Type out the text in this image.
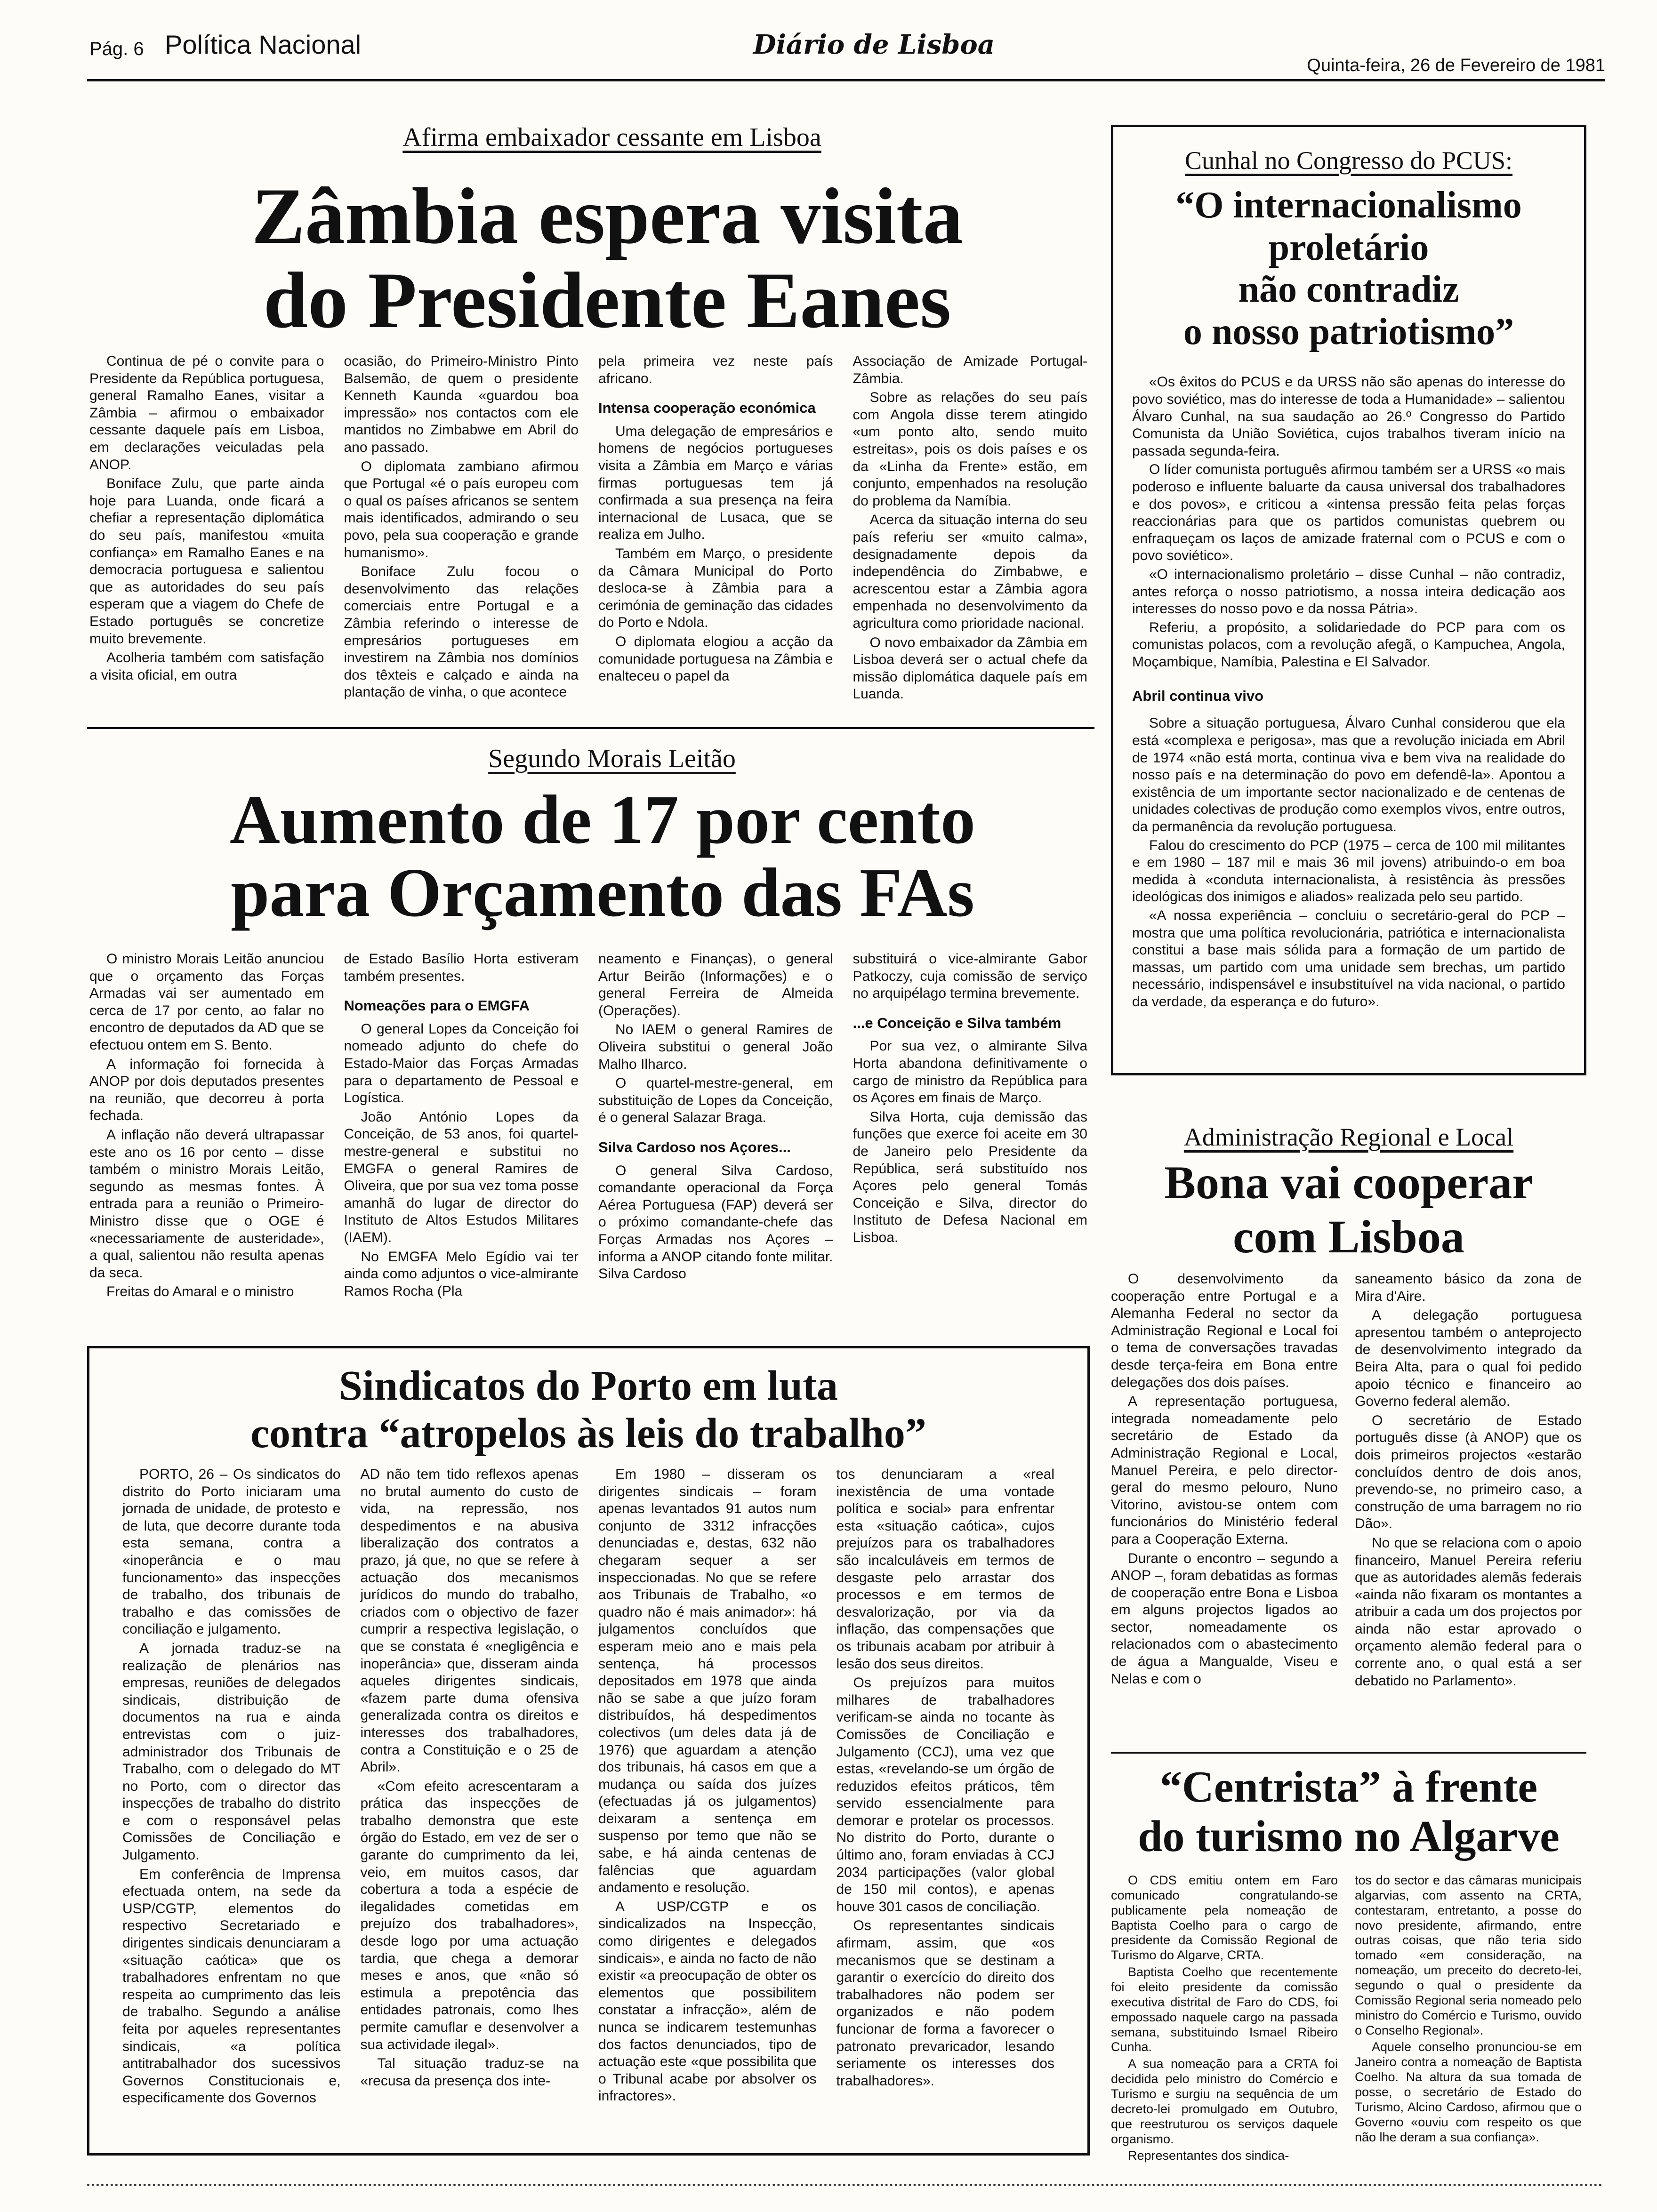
Pág. 6 Política Nacional	Diário de Lisboa
Quinta-feira, 26 de Fevereiro de 1981
Afirma embaixador cessante em Lisboa
Zâmbia espera visita
do Presidente Eanes

Continua de pé o convite para o Presidente da República portuguesa, general Ramalho Eanes, visitar a Zâmbia – afirmou o embaixador cessante daquele país em Lisboa, em declarações veiculadas pela ANOP.

Boniface Zulu, que parte ainda hoje para Luanda, onde ficará a chefiar a representação diplomática do seu país, manifestou «muita confiança» em Ramalho Eanes e na democracia portuguesa e salientou que as autoridades do seu país esperam que a viagem do Chefe de Estado português se concretize muito brevemente.

Acolheria também com satisfação a visita oficial, em outra

ocasião, do Primeiro-Ministro Pinto Balsemão, de quem o presidente Kenneth Kaunda «guardou boa impressão» nos contactos com ele mantidos no Zimbabwe em Abril do ano passado.

O diplomata zambiano afirmou que Portugal «é o país europeu com o qual os países africanos se sentem mais identificados, admirando o seu povo, pela sua cooperação e grande humanismo».

Boniface Zulu focou o desenvolvimento das relações comerciais entre Portugal e a Zâmbia referindo o interesse de empresários portugueses em investirem na Zâmbia nos domínios dos têxteis e calçado e ainda na plantação de vinha, o que acontece

pela primeira vez neste país africano.

Intensa cooperação económica

Uma delegação de empresários e homens de negócios portugueses visita a Zâmbia em Março e várias firmas portuguesas tem já confirmada a sua presença na feira internacional de Lusaca, que se realiza em Julho.

Também em Março, o presidente da Câmara Municipal do Porto desloca-se à Zâmbia para a cerimónia de geminação das cidades do Porto e Ndola.

O diplomata elogiou a acção da comunidade portuguesa na Zâmbia e enalteceu o papel da

Associação de Amizade Portugal-Zâmbia.

Sobre as relações do seu país com Angola disse terem atingido «um ponto alto, sendo muito estreitas», pois os dois países e os da «Linha da Frente» estão, em conjunto, empenhados na resolução do problema da Namíbia.

Acerca da situação interna do seu país referiu ser «muito calma», designadamente depois da independência do Zimbabwe, e acrescentou estar a Zâmbia agora empenhada no desenvolvimento da agricultura como prioridade nacional.

O novo embaixador da Zâmbia em Lisboa deverá ser o actual chefe da missão diplomática daquele país em Luanda.

Cunhal no Congresso do PCUS:
“O internacionalismo
proletário
não contradiz
o nosso patriotismo”

«Os êxitos do PCUS e da URSS não são apenas do interesse do povo soviético, mas do interesse de toda a Humanidade» – salientou Álvaro Cunhal, na sua saudação ao 26.º Congresso do Partido Comunista da União Soviética, cujos trabalhos tiveram início na passada segunda-feira.

O líder comunista português afirmou também ser a URSS «o mais poderoso e influente baluarte da causa universal dos trabalhadores e dos povos», e criticou a «intensa pressão feita pelas forças reaccionárias para que os partidos comunistas quebrem ou enfraqueçam os laços de amizade fraternal com o PCUS e com o povo soviético».

«O internacionalismo proletário – disse Cunhal – não contradiz, antes reforça o nosso patriotismo, a nossa inteira dedicação aos interesses do nosso povo e da nossa Pátria».

Referiu, a propósito, a solidariedade do PCP para com os comunistas polacos, com a revolução afegã, o Kampuchea, Angola, Moçambique, Namíbia, Palestina e El Salvador.

Abril continua vivo

Sobre a situação portuguesa, Álvaro Cunhal considerou que ela está «complexa e perigosa», mas que a revolução iniciada em Abril de 1974 «não está morta, continua viva e bem viva na realidade do nosso país e na determinação do povo em defendê-la». Apontou a existência de um importante sector nacionalizado e de centenas de unidades colectivas de produção como exemplos vivos, entre outros, da permanência da revolução portuguesa.

Falou do crescimento do PCP (1975 – cerca de 100 mil militantes e em 1980 – 187 mil e mais 36 mil jovens) atribuindo-o em boa medida à «conduta internacionalista, à resistência às pressões ideológicas dos inimigos e aliados» realizada pelo seu partido.

«A nossa experiência – concluiu o secretário-geral do PCP – mostra que uma política revolucionária, patriótica e internacionalista constitui a base mais sólida para a formação de um partido de massas, um partido com uma unidade sem brechas, um partido necessário, indispensável e insubstituível na vida nacional, o partido da verdade, da esperança e do futuro».

Segundo Morais Leitão
Aumento de 17 por cento
para Orçamento das FAs

O ministro Morais Leitão anunciou que o orçamento das Forças Armadas vai ser aumentado em cerca de 17 por cento, ao falar no encontro de deputados da AD que se efectuou ontem em S. Bento.

A informação foi fornecida à ANOP por dois deputados presentes na reunião, que decorreu à porta fechada.

A inflação não deverá ultrapassar este ano os 16 por cento – disse também o ministro Morais Leitão, segundo as mesmas fontes. À entrada para a reunião o Primeiro-Ministro disse que o OGE é «necessariamente de austeridade», a qual, salientou não resulta apenas da seca.

Freitas do Amaral e o ministro

de Estado Basílio Horta estiveram também presentes.

Nomeações para o EMGFA

O general Lopes da Conceição foi nomeado adjunto do chefe do Estado-Maior das Forças Armadas para o departamento de Pessoal e Logística.

João António Lopes da Conceição, de 53 anos, foi quartel-mestre-general e substitui no EMGFA o general Ramires de Oliveira, que por sua vez toma posse amanhã do lugar de director do Instituto de Altos Estudos Militares (IAEM).

No EMGFA Melo Egídio vai ter ainda como adjuntos o vice-almirante Ramos Rocha (Pla

neamento e Finanças), o general Artur Beirão (Informações) e o general Ferreira de Almeida (Operações).

No IAEM o general Ramires de Oliveira substitui o general João Malho Ilharco.

O quartel-mestre-general, em substituição de Lopes da Conceição, é o general Salazar Braga.

Silva Cardoso nos Açores...

O general Silva Cardoso, comandante operacional da Força Aérea Portuguesa (FAP) deverá ser o próximo comandante-chefe das Forças Armadas nos Açores – informa a ANOP citando fonte militar. Silva Cardoso

substituirá o vice-almirante Gabor Patkoczy, cuja comissão de serviço no arquipélago termina brevemente.

...e Conceição e Silva também

Por sua vez, o almirante Silva Horta abandona definitivamente o cargo de ministro da República para os Açores em finais de Março.

Silva Horta, cuja demissão das funções que exerce foi aceite em 30 de Janeiro pelo Presidente da República, será substituído nos Açores pelo general Tomás Conceição e Silva, director do Instituto de Defesa Nacional em Lisboa.

Administração Regional e Local
Bona vai cooperar
com Lisboa

O desenvolvimento da cooperação entre Portugal e a Alemanha Federal no sector da Administração Regional e Local foi o tema de conversações travadas desde terça-feira em Bona entre delegações dos dois países.

A representação portuguesa, integrada nomeadamente pelo secretário de Estado da Administração Regional e Local, Manuel Pereira, e pelo director-geral do mesmo pelouro, Nuno Vitorino, avistou-se ontem com funcionários do Ministério federal para a Cooperação Externa.

Durante o encontro – segundo a ANOP –, foram debatidas as formas de cooperação entre Bona e Lisboa em alguns projectos ligados ao sector, nomeadamente os relacionados com o abastecimento de água a Mangualde, Viseu e Nelas e com o

saneamento básico da zona de Mira d'Aire.

A delegação portuguesa apresentou também o anteprojecto de desenvolvimento integrado da Beira Alta, para o qual foi pedido apoio técnico e financeiro ao Governo federal alemão.

O secretário de Estado português disse (à ANOP) que os dois primeiros projectos «estarão concluídos dentro de dois anos, prevendo-se, no primeiro caso, a construção de uma barragem no rio Dão».

No que se relaciona com o apoio financeiro, Manuel Pereira referiu que as autoridades alemãs federais «ainda não fixaram os montantes a atribuir a cada um dos projectos por ainda não estar aprovado o orçamento alemão federal para o corrente ano, o qual está a ser debatido no Parlamento».

Sindicatos do Porto em luta
contra “atropelos às leis do trabalho”

PORTO, 26 – Os sindicatos do distrito do Porto iniciaram uma jornada de unidade, de protesto e de luta, que decorre durante toda esta semana, contra a «inoperância e o mau funcionamento» das inspecções de trabalho, dos tribunais de trabalho e das comissões de conciliação e julgamento.

A jornada traduz-se na realização de plenários nas empresas, reuniões de delegados sindicais, distribuição de documentos na rua e ainda entrevistas com o juiz-administrador dos Tribunais de Trabalho, com o delegado do MT no Porto, com o director das inspecções de trabalho do distrito e com o responsável pelas Comissões de Conciliação e Julgamento.

Em conferência de Imprensa efectuada ontem, na sede da USP/CGTP, elementos do respectivo Secretariado e dirigentes sindicais denunciaram a «situação caótica» que os trabalhadores enfrentam no que respeita ao cumprimento das leis de trabalho. Segundo a análise feita por aqueles representantes sindicais, «a política antitrabalhador dos sucessivos Governos Constitucionais e, especificamente dos Governos

AD não tem tido reflexos apenas no brutal aumento do custo de vida, na repressão, nos despedimentos e na abusiva liberalização dos contratos a prazo, já que, no que se refere à actuação dos mecanismos jurídicos do mundo do trabalho, criados com o objectivo de fazer cumprir a respectiva legislação, o que se constata é «negligência e inoperância» que, disseram ainda aqueles dirigentes sindicais, «fazem parte duma ofensiva generalizada contra os direitos e interesses dos trabalhadores, contra a Constituição e o 25 de Abril».

«Com efeito acrescentaram a prática das inspecções de trabalho demonstra que este órgão do Estado, em vez de ser o garante do cumprimento da lei, veio, em muitos casos, dar cobertura a toda a espécie de ilegalidades cometidas em prejuízo dos trabalhadores», desde logo por uma actuação tardia, que chega a demorar meses e anos, que «não só estimula a prepotência das entidades patronais, como lhes permite camuflar e desenvolver a sua actividade ilegal».

Tal situação traduz-se na «recusa da presença dos inte-

Em 1980 – disseram os dirigentes sindicais – foram apenas levantados 91 autos num conjunto de 3312 infracções denunciadas e, destas, 632 não chegaram sequer a ser inspeccionadas. No que se refere aos Tribunais de Trabalho, «o quadro não é mais animador»: há julgamentos concluídos que esperam meio ano e mais pela sentença, há processos depositados em 1978 que ainda não se sabe a que juízo foram distribuídos, há despedimentos colectivos (um deles data já de 1976) que aguardam a atenção dos tribunais, há casos em que a mudança ou saída dos juízes (efectuadas já os julgamentos) deixaram a sentença em suspenso por temo que não se sabe, e há ainda centenas de falências que aguardam andamento e resolução.

A USP/CGTP e os sindicalizados na Inspecção, como dirigentes e delegados sindicais», e ainda no facto de não existir «a preocupação de obter os elementos que possibilitem constatar a infracção», além de nunca se indicarem testemunhas dos factos denunciados, tipo de actuação este «que possibilita que o Tribunal acabe por absolver os infractores».

tos denunciaram a «real inexistência de uma vontade política e social» para enfrentar esta «situação caótica», cujos prejuízos para os trabalhadores são incalculáveis em termos de desgaste pelo arrastar dos processos e em termos de desvalorização, por via da inflação, das compensações que os tribunais acabam por atribuir à lesão dos seus direitos.

Os prejuízos para muitos milhares de trabalhadores verificam-se ainda no tocante às Comissões de Conciliação e Julgamento (CCJ), uma vez que estas, «revelando-se um órgão de reduzidos efeitos práticos, têm servido essencialmente para demorar e protelar os processos. No distrito do Porto, durante o último ano, foram enviadas à CCJ 2034 participações (valor global de 150 mil contos), e apenas houve 301 casos de conciliação.

Os representantes sindicais afirmam, assim, que «os mecanismos que se destinam a garantir o exercício do direito dos trabalhadores não podem ser organizados e não podem funcionar de forma a favorecer o patronato prevaricador, lesando seriamente os interesses dos trabalhadores».

“Centrista” à frente
do turismo no Algarve

O CDS emitiu ontem em Faro comunicado congratulando-se publicamente pela nomeação de Baptista Coelho para o cargo de presidente da Comissão Regional de Turismo do Algarve, CRTA.

Baptista Coelho que recentemente foi eleito presidente da comissão executiva distrital de Faro do CDS, foi empossado naquele cargo na passada semana, substituindo Ismael Ribeiro Cunha.

A sua nomeação para a CRTA foi decidida pelo ministro do Comércio e Turismo e surgiu na sequência de um decreto-lei promulgado em Outubro, que reestruturou os serviços daquele organismo.

Representantes dos sindica-

tos do sector e das câmaras municipais algarvias, com assento na CRTA, contestaram, entretanto, a posse do novo presidente, afirmando, entre outras coisas, que não teria sido tomado «em consideração, na nomeação, um preceito do decreto-lei, segundo o qual o presidente da Comissão Regional seria nomeado pelo ministro do Comércio e Turismo, ouvido o Conselho Regional».

Aquele conselho pronunciou-se em Janeiro contra a nomeação de Baptista Coelho. Na altura da sua tomada de posse, o secretário de Estado do Turismo, Alcino Cardoso, afirmou que o Governo «ouviu com respeito os que não lhe deram a sua confiança».
